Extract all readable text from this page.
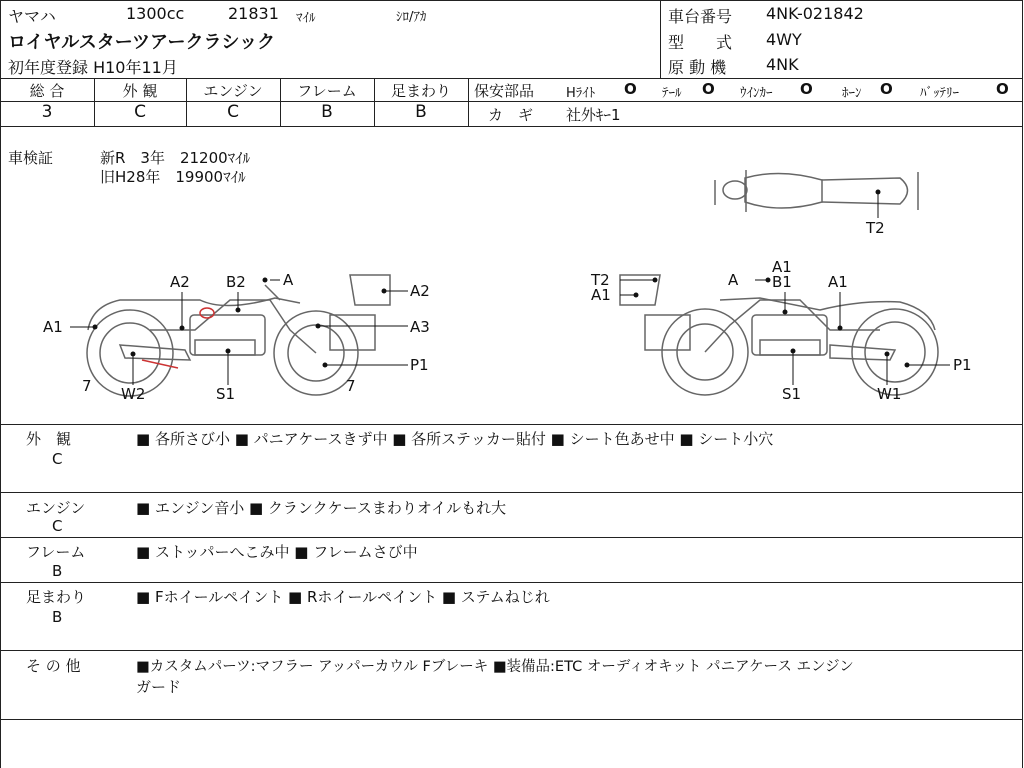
ヤマハ	1300cc	21831 ﾏｲﾙ	ｼﾛ/ｱｶ
ロイヤルスターツアークラシック
初年度登録 H10年11月
車台番号 4NK-021842
型　　式 4WY
原 動 機 4NK
総 合	外 観	エンジン	フレーム	足まわり
3	C	C	B	B
保安部品 Hﾗｲﾄ O ﾃｰﾙ O ｳｲﾝｶｰ O ﾎｰﾝ O ﾊﾞｯﾃﾘｰ O
カ　ギ 社外ｷｰ1
車検証	新R　3年　21200ﾏｲﾙ
旧H28年　19900ﾏｲﾙ
A2 B2 A
A2
A1	A3
P1
7 W2	S1	7
T2
A1
A
A1
B1 A1
P1
S1	W1
T2
外　観
C
■ 各所さび小 ■ パニアケースきず中 ■ 各所ステッカー貼付 ■ シート色あせ中 ■ シート小穴
エンジン
C
■ エンジン音小 ■ クランクケースまわりオイルもれ大
フレーム
B
■ ストッパーへこみ中 ■ フレームさび中
足まわり
B
■ Fホイールペイント ■ Rホイールペイント ■ ステムねじれ
そ の 他	■カスタムパーツ:マフラー アッパーカウル Fブレーキ ■装備品:ETC オーディオキット パニアケース エンジン
ガード
